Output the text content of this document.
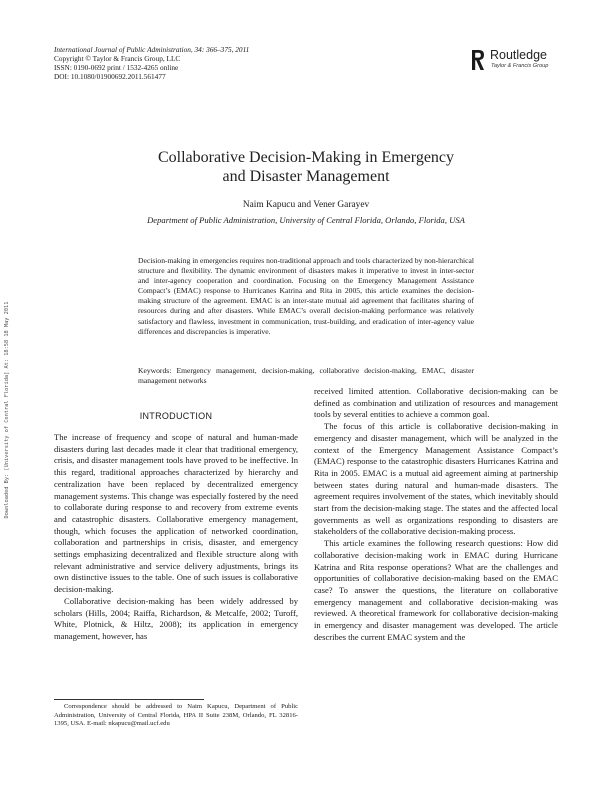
International Journal of Public Administration, 34: 366–375, 2011
Copyright © Taylor & Francis Group, LLC
ISSN: 0190-0692 print / 1532-4265 online
DOI: 10.1080/01900692.2011.561477
Routledge
Taylor & Francis Group
Downloaded By: [University of Central Florida] At: 18:58 18 May 2011
Collaborative Decision-Making in Emergency
and Disaster Management
Naim Kapucu and Vener Garayev
Department of Public Administration, University of Central Florida, Orlando, Florida, USA
Decision-making in emergencies requires non-traditional approach and tools characterized by non-hierarchical structure and flexibility. The dynamic environment of disasters makes it imperative to invest in inter-sector and inter-agency cooperation and coordination. Focusing on the Emergency Management Assistance Compact’s (EMAC) response to Hurricanes Katrina and Rita in 2005, this article examines the decision-making structure of the agreement. EMAC is an inter-state mutual aid agreement that facilitates sharing of resources during and after disasters. While EMAC’s overall decision-making performance was relatively satisfactory and flawless, investment in communication, trust-building, and eradication of inter-agency value differences and discrepancies is imperative.
Keywords: Emergency management, decision-making, collaborative decision-making, EMAC, disaster management networks
INTRODUCTION

The increase of frequency and scope of natural and human-made disasters during last decades made it clear that traditional emergency, crisis, and disaster management tools have proved to be ineffective. In this regard, traditional approaches characterized by hierarchy and centralization have been replaced by decentralized emergency management systems. This change was especially fostered by the need to collaborate during response to and recovery from extreme events and catastrophic disasters. Collaborative emergency management, though, which focuses the application of networked coordination, collaboration and partnerships in crisis, disaster, and emergency settings emphasizing decentralized and flexible structure along with relevant administrative and service delivery adjustments, brings its own distinctive issues to the table. One of such issues is collaborative decision-making.

Collaborative decision-making has been widely addressed by scholars (Hills, 2004; Raiffa, Richardson, & Metcalfe, 2002; Turoff, White, Plotnick, & Hiltz, 2008); its application in emergency management, however, has

received limited attention. Collaborative decision-making can be defined as combination and utilization of resources and management tools by several entities to achieve a common goal.

The focus of this article is collaborative decision-making in emergency and disaster management, which will be analyzed in the context of the Emergency Management Assistance Compact’s (EMAC) response to the catastrophic disasters Hurricanes Katrina and Rita in 2005. EMAC is a mutual aid agreement aiming at partnership between states during natural and human-made disasters. The agreement requires involvement of the states, which inevitably should start from the decision-making stage. The states and the affected local governments as well as organizations responding to disasters are stakeholders of the collaborative decision-making process.

This article examines the following research questions: How did collaborative decision-making work in EMAC during Hurricane Katrina and Rita response operations? What are the challenges and opportunities of collaborative decision-making based on the EMAC case? To answer the questions, the literature on collaborative emergency management and collaborative decision-making was reviewed. A theoretical framework for collaborative decision-making in emergency and disaster management was developed. The article describes the current EMAC system and the

Correspondence should be addressed to Naim Kapucu, Department of Public Administration, University of Central Florida, HPA II Suite 238M, Orlando, FL 32816-1395, USA. E-mail: nkapucu@mail.ucf.edu
